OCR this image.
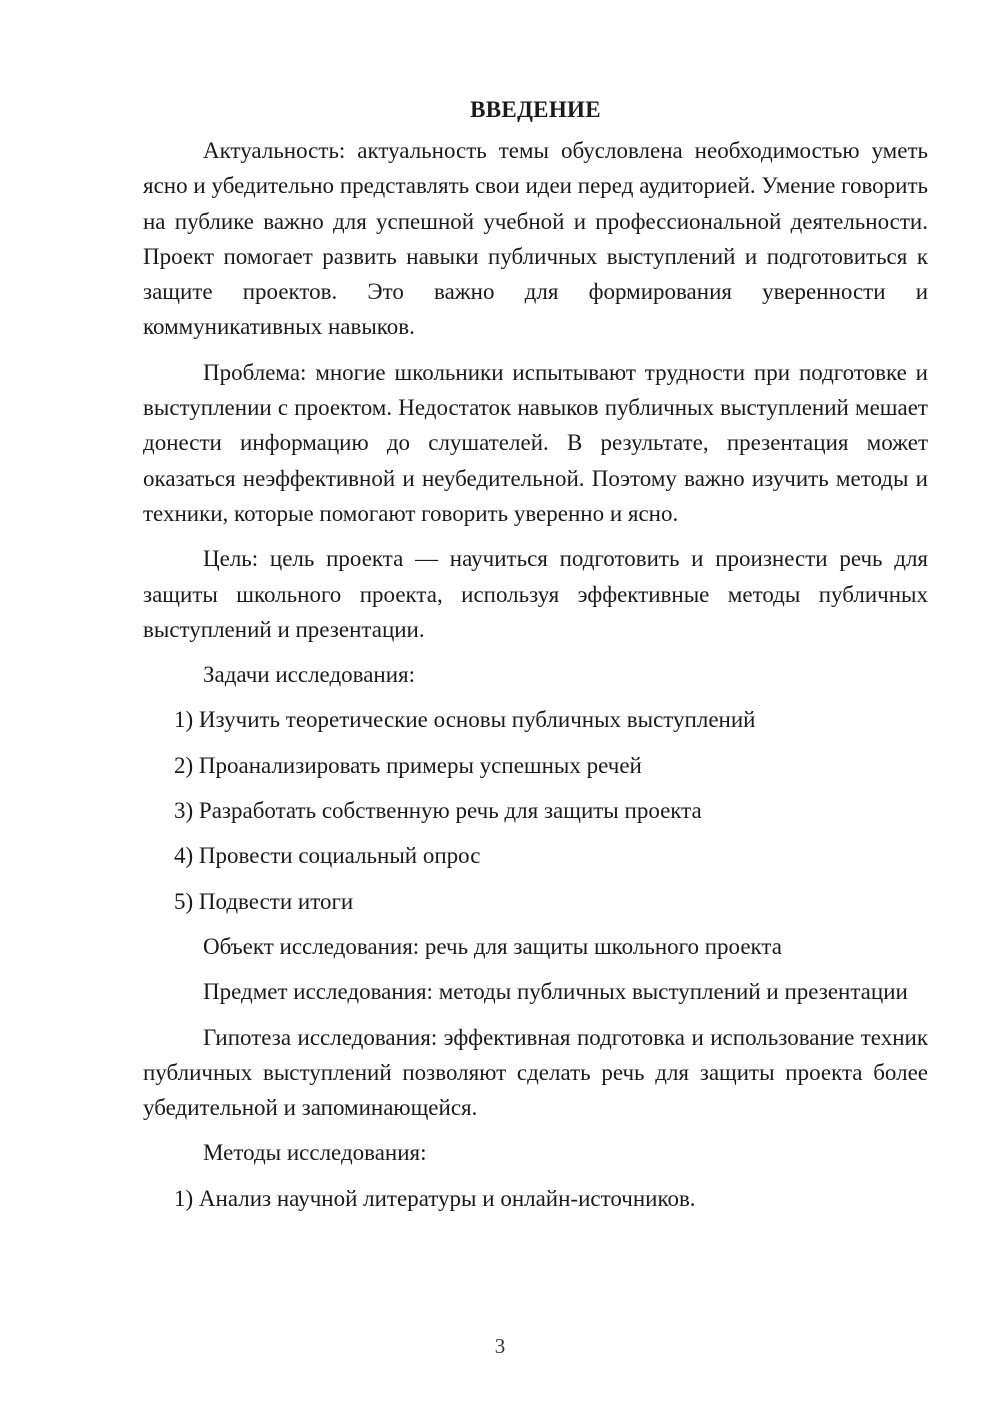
ВВЕДЕНИЕ

Актуальность: актуальность темы обусловлена необходимостью уметь ясно и убедительно представлять свои идеи перед аудиторией. Умение говорить на публике важно для успешной учебной и профессиональной деятельности. Проект помогает развить навыки публичных выступлений и подготовиться к защите проектов. Это важно для формирования уверенности и коммуникативных навыков.

Проблема: многие школьники испытывают трудности при подготовке и выступлении с проектом. Недостаток навыков публичных выступлений мешает донести информацию до слушателей. В результате, презентация может оказаться неэффективной и неубедительной. Поэтому важно изучить методы и техники, которые помогают говорить уверенно и ясно.

Цель: цель проекта — научиться подготовить и произнести речь для защиты школьного проекта, используя эффективные методы публичных выступлений и презентации.

Задачи исследования:

1) Изучить теоретические основы публичных выступлений
2) Проанализировать примеры успешных речей
3) Разработать собственную речь для защиты проекта
4) Провести социальный опрос
5) Подвести итоги

Объект исследования: речь для защиты школьного проекта

Предмет исследования: методы публичных выступлений и презентации

Гипотеза исследования: эффективная подготовка и использование техник публичных выступлений позволяют сделать речь для защиты проекта более убедительной и запоминающейся.

Методы исследования:

1) Анализ научной литературы и онлайн-источников.
3
